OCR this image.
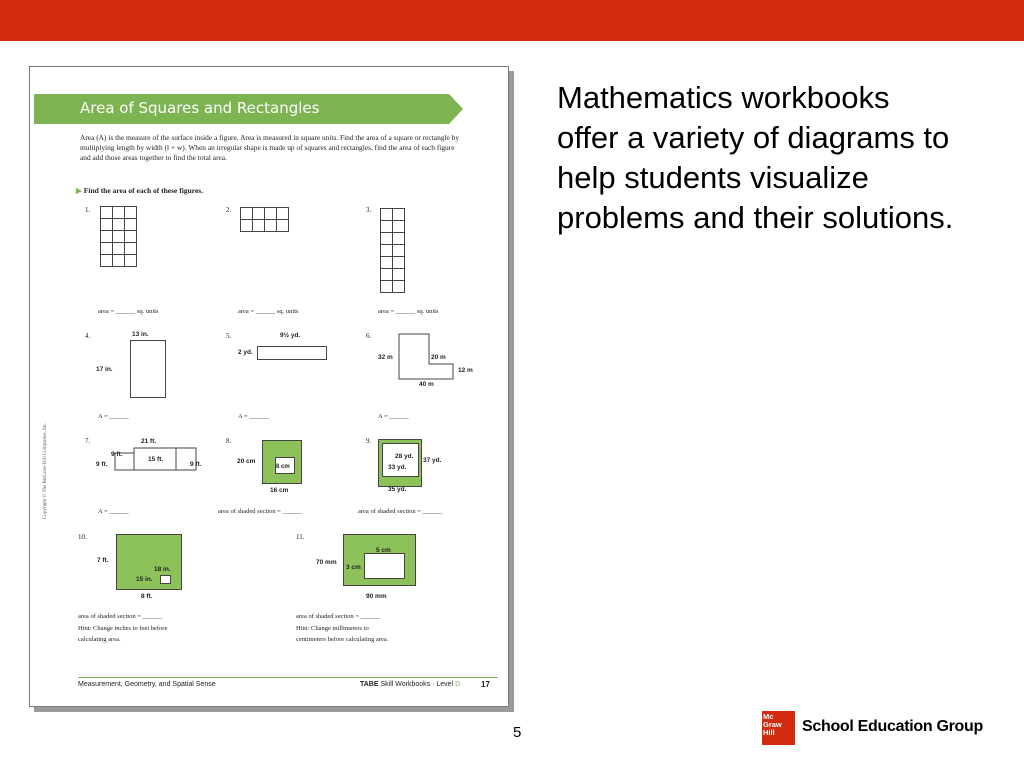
›››
Area of Squares and Rectangles
Area (A) is the measure of the surface inside a figure. Area is measured in square units. Find the area of a square or rectangle by multiplying length by width (l × w). When an irregular shape is made up of squares and rectangles, find the area of each figure and add those areas together to find the total area.
▶ Find the area of each of these figures.
1.
area = ______ sq. units
2.
area = ______ sq. units
3.
area = ______ sq. units
4.	13 in.
17 in.
A = ______
5.	9½ yd.
2 yd.
A = ______
6.
32 m	20 m
12 m
40 m
A = ______
7.	21 ft.
9 ft.
15 ft.
9 ft.	9 ft.
A = ______
8.
20 cm
8 cm
16 cm
area of shaded section = ______
9.
28 yd.
33 yd.
37 yd.
35 yd.
area of shaded section = ______
10.
7 ft.
18 in.
15 in.
8 ft.
area of shaded section = ______
Hint: Change inches to feet before
calculating area.
11.
5 cm
70 mm
3 cm
90 mm
area of shaded section = ______
Hint: Change millimeters to
centimeters before calculating area.
Copyright © The McGraw-Hill Companies, Inc.
Measurement, Geometry, and Spatial Sense	TABE Skill Workbooks · Level D	17
Mathematics workbooks offer a variety of diagrams to help students visualize problems and their solutions.
5
Mc
Graw
Hill	School Education Group
